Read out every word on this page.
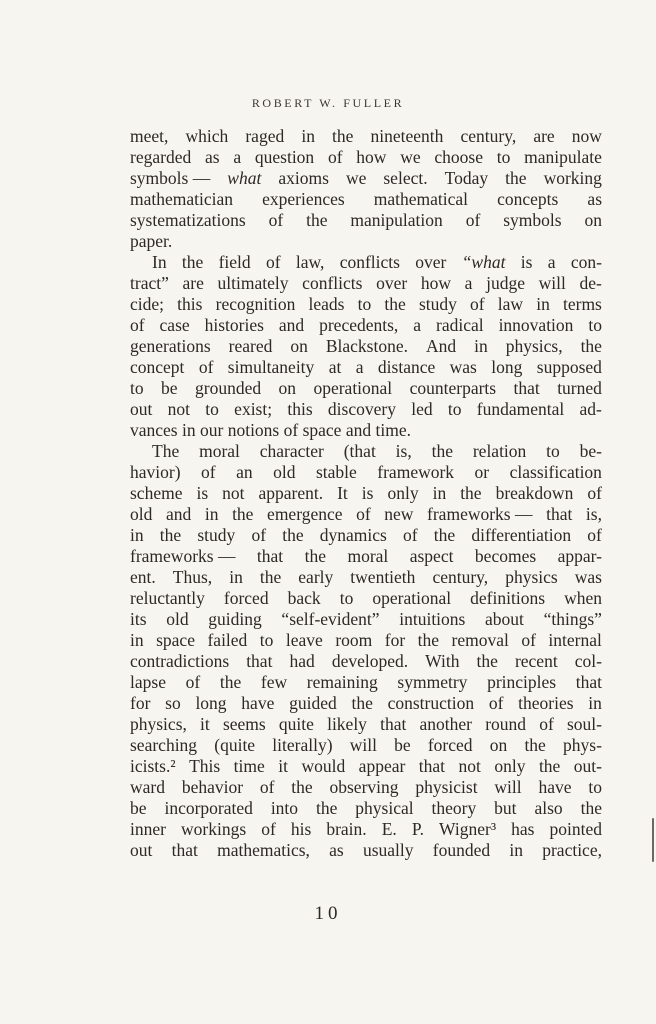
ROBERT W. FULLER
meet, which raged in the nineteenth century, are now
regarded as a question of how we choose to manipulate
symbols — what axioms we select. Today the working
mathematician experiences mathematical concepts as
systematizations of the manipulation of symbols on
paper.
In the field of law, conflicts over “what is a con-
tract” are ultimately conflicts over how a judge will de-
cide; this recognition leads to the study of law in terms
of case histories and precedents, a radical innovation to
generations reared on Blackstone. And in physics, the
concept of simultaneity at a distance was long supposed
to be grounded on operational counterparts that turned
out not to exist; this discovery led to fundamental ad-
vances
in
our
notions
of
space
and
time.
The moral character (that is, the relation to be-
havior) of an old stable framework or classification
scheme is not apparent. It is only in the breakdown of
old and in the emergence of new frameworks — that is,
in the study of the dynamics of the differentiation of
frameworks — that the moral aspect becomes appar-
ent. Thus, in the early twentieth century, physics was
reluctantly forced back to operational definitions when
its old guiding “self-evident” intuitions about “things”
in space failed to leave room for the removal of internal
contradictions that had developed. With the recent col-
lapse of the few remaining symmetry principles that
for so long have guided the construction of theories in
physics, it seems quite likely that another round of soul-
searching (quite literally) will be forced on the phys-
icists.² This time it would appear that not only the out-
ward behavior of the observing physicist will have to
be incorporated into the physical theory but also the
inner workings of his brain. E. P. Wigner³ has pointed
out that mathematics, as usually founded in practice,
10
